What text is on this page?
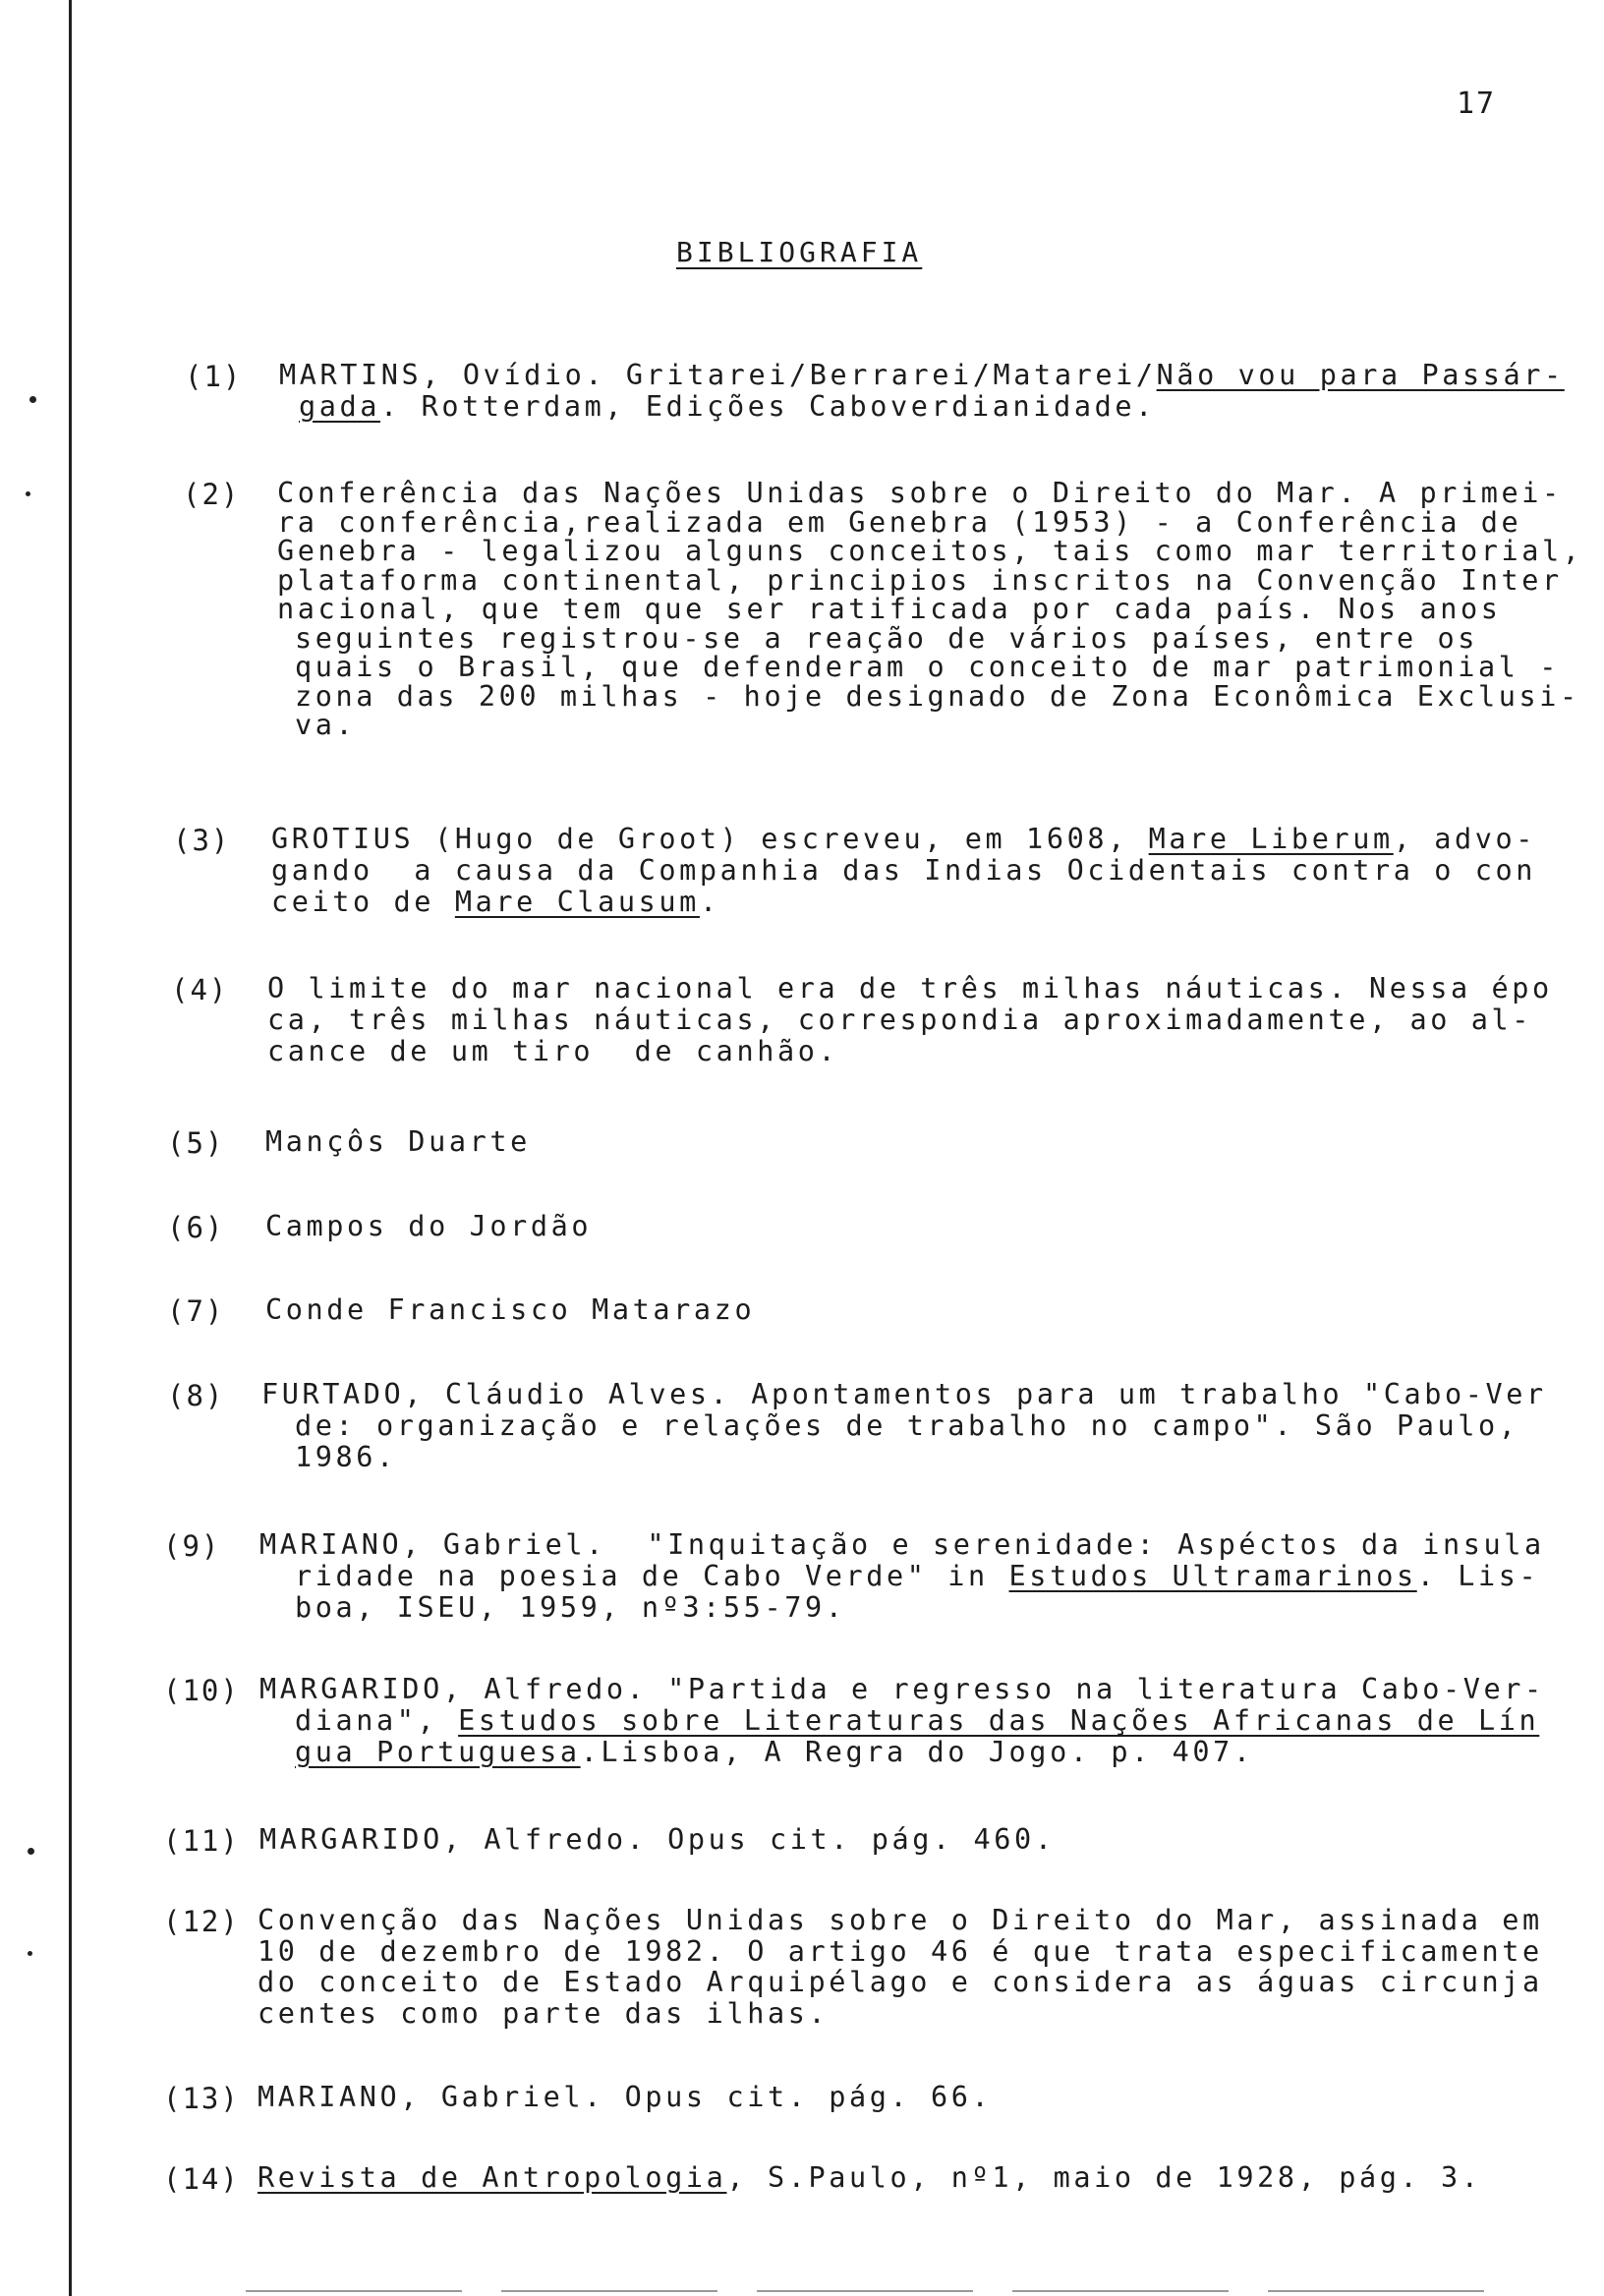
17
BIBLIOGRAFIA
(1) MARTINS, Ovídio. Gritarei/Berrarei/Matarei/Não vou para Passár-
gada. Rotterdam, Edições Caboverdianidade.
(2) Conferência das Nações Unidas sobre o Direito do Mar. A primei-
ra conferência,realizada em Genebra (1953) - a Conferência de
Genebra - legalizou alguns conceitos, tais como mar territorial,
plataforma continental, principios inscritos na Convenção Inter
nacional, que tem que ser ratificada por cada país. Nos anos
seguintes registrou-se a reação de vários países, entre os
quais o Brasil, que defenderam o conceito de mar patrimonial -
zona das 200 milhas - hoje designado de Zona Econômica Exclusi-
va.
(3) GROTIUS (Hugo de Groot) escreveu, em 1608, Mare Liberum, advo-
gando  a causa da Companhia das Indias Ocidentais contra o con
ceito de Mare Clausum.
(4) O limite do mar nacional era de três milhas náuticas. Nessa épo
ca, três milhas náuticas, correspondia aproximadamente, ao al-
cance de um tiro  de canhão.
(5) Mançôs Duarte
(6) Campos do Jordão
(7) Conde Francisco Matarazo
(8) FURTADO, Cláudio Alves. Apontamentos para um trabalho "Cabo-Ver
de: organização e relações de trabalho no campo". São Paulo,
1986.
(9) MARIANO, Gabriel.  "Inquitação e serenidade: Aspéctos da insula
ridade na poesia de Cabo Verde" in Estudos Ultramarinos. Lis-
boa, ISEU, 1959, nº3:55-79.
(10) MARGARIDO, Alfredo. "Partida e regresso na literatura Cabo-Ver-
diana", Estudos sobre Literaturas das Nações Africanas de Lín
gua Portuguesa.Lisboa, A Regra do Jogo. p. 407.
(11) MARGARIDO, Alfredo. Opus cit. pág. 460.
(12) Convenção das Nações Unidas sobre o Direito do Mar, assinada em
10 de dezembro de 1982. O artigo 46 é que trata especificamente
do conceito de Estado Arquipélago e considera as águas circunja
centes como parte das ilhas.
(13) MARIANO, Gabriel. Opus cit. pág. 66.
(14) Revista de Antropologia, S.Paulo, nº1, maio de 1928, pág. 3.
